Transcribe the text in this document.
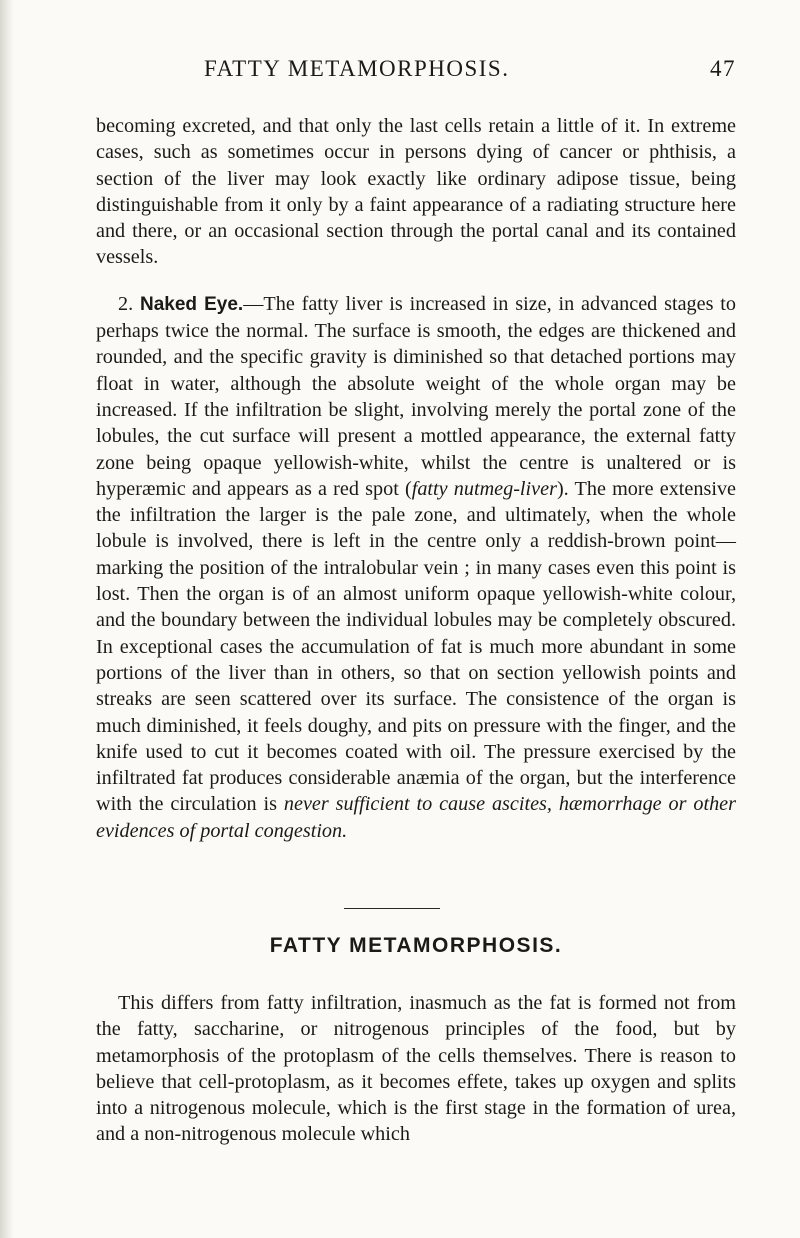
FATTY METAMORPHOSIS.	47

becoming excreted, and that only the last cells retain a little of it. In extreme cases, such as sometimes occur in persons dying of cancer or phthisis, a section of the liver may look exactly like ordinary adipose tissue, being distinguishable from it only by a faint appearance of a radiating structure here and there, or an occasional section through the portal canal and its contained vessels.

2. Naked Eye.—The fatty liver is increased in size, in advanced stages to perhaps twice the normal. The surface is smooth, the edges are thickened and rounded, and the specific gravity is diminished so that detached portions may float in water, although the absolute weight of the whole organ may be increased. If the infiltration be slight, involving merely the portal zone of the lobules, the cut surface will present a mottled appearance, the external fatty zone being opaque yellowish-white, whilst the centre is unaltered or is hyperæmic and appears as a red spot (fatty nutmeg-liver). The more extensive the infiltration the larger is the pale zone, and ultimately, when the whole lobule is involved, there is left in the centre only a reddish-brown point—marking the position of the intralobular vein ; in many cases even this point is lost. Then the organ is of an almost uniform opaque yellowish-white colour, and the boundary between the individual lobules may be completely obscured. In exceptional cases the accumulation of fat is much more abundant in some portions of the liver than in others, so that on section yellowish points and streaks are seen scattered over its surface. The consistence of the organ is much diminished, it feels doughy, and pits on pressure with the finger, and the knife used to cut it becomes coated with oil. The pressure exercised by the infiltrated fat produces considerable anæmia of the organ, but the interference with the circulation is never sufficient to cause ascites, hæmorrhage or other evidences of portal congestion.

FATTY METAMORPHOSIS.

This differs from fatty infiltration, inasmuch as the fat is formed not from the fatty, saccharine, or nitrogenous principles of the food, but by metamorphosis of the protoplasm of the cells themselves. There is reason to believe that cell-protoplasm, as it becomes effete, takes up oxygen and splits into a nitrogenous molecule, which is the first stage in the formation of urea, and a non-nitrogenous molecule which
